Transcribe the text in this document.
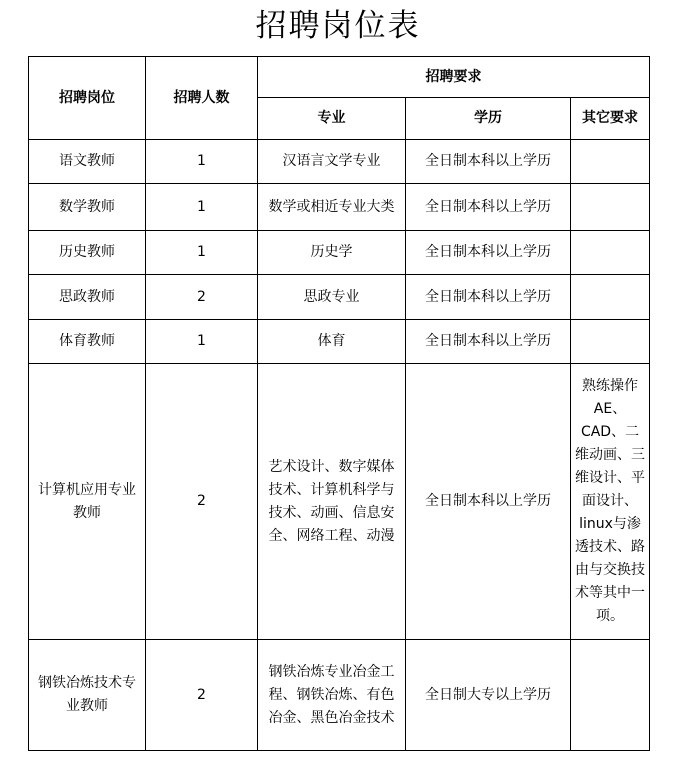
招聘岗位表
招聘岗位	招聘人数	招聘要求		
		专业	学历	其它要求
语文教师	1	汉语言文学专业	全日制本科以上学历	
数学教师	1	数学或相近专业大类	全日制本科以上学历	
历史教师	1	历史学	全日制本科以上学历	
思政教师	2	思政专业	全日制本科以上学历	
体育教师	1	体育	全日制本科以上学历	
计算机应用专业教师	2	艺术设计、数字媒体技术、计算机科学与技术、动画、信息安全、网络工程、动漫	全日制本科以上学历	熟练操作AE、CAD、二维动画、三维设计、平面设计、linux与渗透技术、路由与交换技术等其中一项。
钢铁冶炼技术专业教师	2	钢铁冶炼专业冶金工程、钢铁冶炼、有色冶金、黑色冶金技术	全日制大专以上学历	
